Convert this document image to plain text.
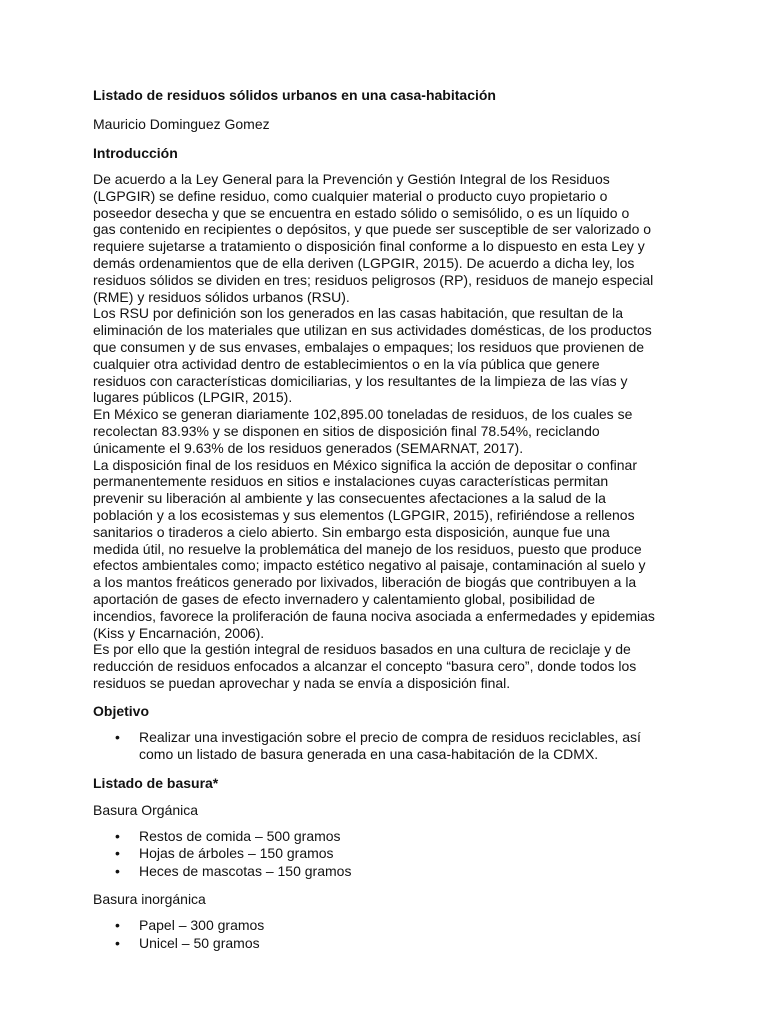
Listado de residuos sólidos urbanos en una casa-habitación
Mauricio Dominguez Gomez
Introducción

De acuerdo a la Ley General para la Prevención y Gestión Integral de los Residuos (LGPGIR) se define residuo, como cualquier material o producto cuyo propietario o poseedor desecha y que se encuentra en estado sólido o semisólido, o es un líquido o gas contenido en recipientes o depósitos, y que puede ser susceptible de ser valorizado o requiere sujetarse a tratamiento o disposición final conforme a lo dispuesto en esta Ley y demás ordenamientos que de ella deriven (LGPGIR, 2015). De acuerdo a dicha ley, los residuos sólidos se dividen en tres; residuos peligrosos (RP), residuos de manejo especial (RME) y residuos sólidos urbanos (RSU).

Los RSU por definición son los generados en las casas habitación, que resultan de la eliminación de los materiales que utilizan en sus actividades domésticas, de los productos que consumen y de sus envases, embalajes o empaques; los residuos que provienen de cualquier otra actividad dentro de establecimientos o en la vía pública que genere residuos con características domiciliarias, y los resultantes de la limpieza de las vías y lugares públicos (LPGIR, 2015).

En México se generan diariamente 102,895.00 toneladas de residuos, de los cuales se recolectan 83.93% y se disponen en sitios de disposición final 78.54%, reciclando únicamente el 9.63% de los residuos generados (SEMARNAT, 2017).

La disposición final de los residuos en México significa la acción de depositar o confinar permanentemente residuos en sitios e instalaciones cuyas características permitan prevenir su liberación al ambiente y las consecuentes afectaciones a la salud de la población y a los ecosistemas y sus elementos (LGPGIR, 2015), refiriéndose a rellenos sanitarios o tiraderos a cielo abierto. Sin embargo esta disposición, aunque fue una medida útil, no resuelve la problemática del manejo de los residuos, puesto que produce efectos ambientales como; impacto estético negativo al paisaje, contaminación al suelo y a los mantos freáticos generado por lixivados, liberación de biogás que contribuyen a la aportación de gases de efecto invernadero y calentamiento global, posibilidad de incendios, favorece la proliferación de fauna nociva asociada a enfermedades y epidemias (Kiss y Encarnación, 2006).

Es por ello que la gestión integral de residuos basados en una cultura de reciclaje y de reducción de residuos enfocados a alcanzar el concepto “basura cero”, donde todos los residuos se puedan aprovechar y nada se envía a disposición final.

Objetivo
• Realizar una investigación sobre el precio de compra de residuos reciclables, así como un listado de basura generada en una casa-habitación de la CDMX.
Listado de basura*
Basura Orgánica
• Restos de comida – 500 gramos
• Hojas de árboles – 150 gramos
• Heces de mascotas – 150 gramos
Basura inorgánica
• Papel – 300 gramos
• Unicel – 50 gramos
